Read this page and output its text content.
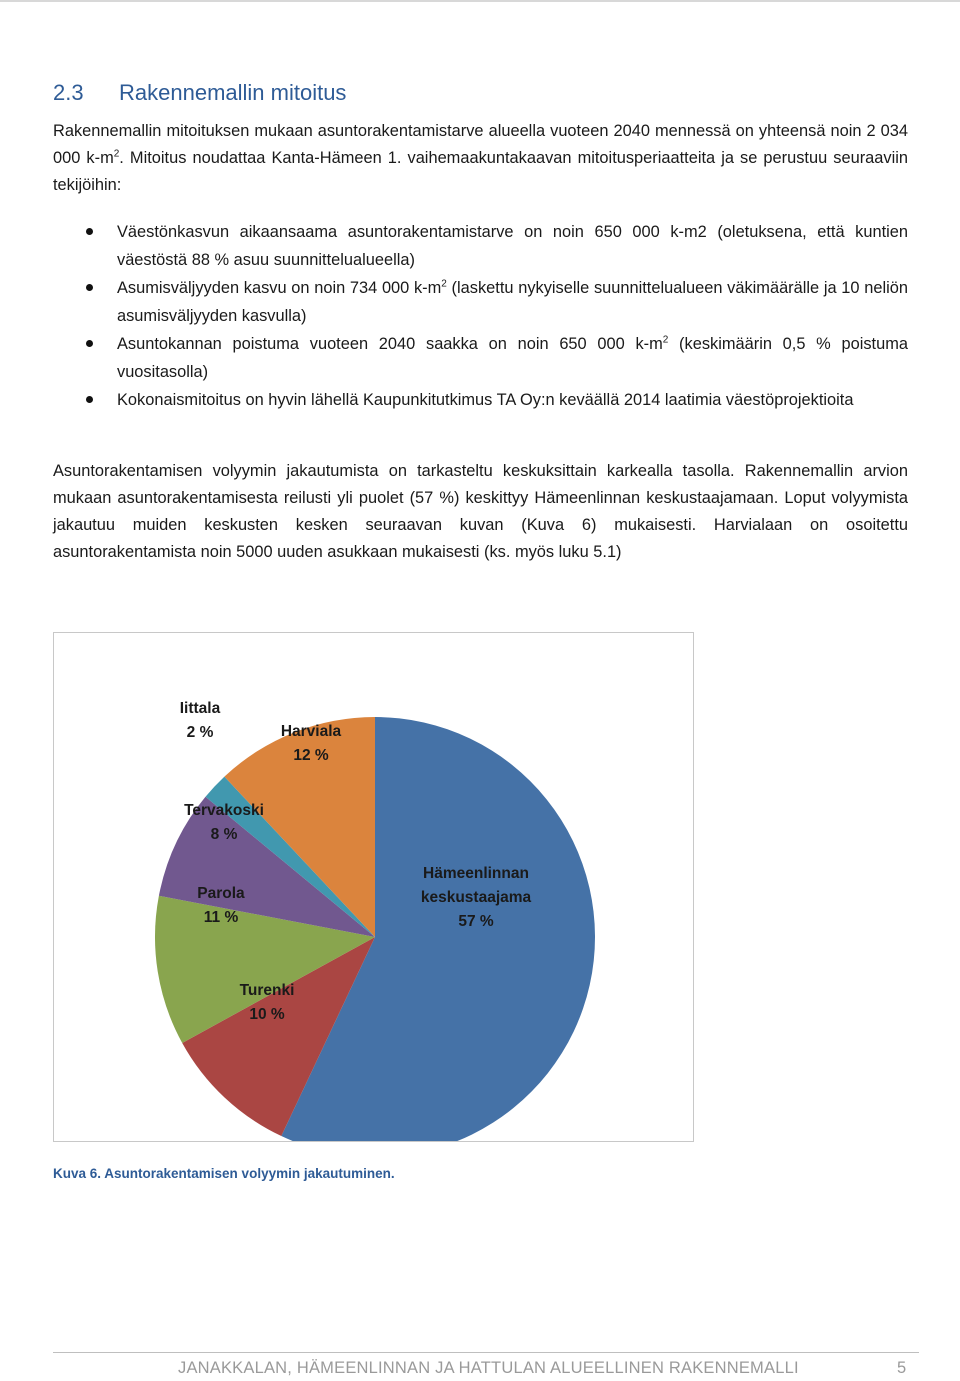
2.3 Rakennemallin mitoitus

Rakennemallin mitoituksen mukaan asuntorakentamistarve alueella vuoteen 2040 mennessä on yhteensä noin 2 034 000 $k-m^2$. Mitoitus noudattaa Kanta-Hämeen 1. vaihemaakuntakaavan mitoitusperiaatteita ja se perustuu seuraaviin tekijöihin:

Väestönkasvun aikaansaama asuntorakentamistarve on noin 650 000 k-m2 (oletuksena, että kuntien väestöstä 88 % asuu suunnittelualueella)
Asumisväljyyden kasvu on noin 734 000 $k-m^2$ (laskettu nykyiselle suunnittelualueen väkimäärälle ja 10 neliön asumisväljyyden kasvulla)
Asuntokannan poistuma vuoteen 2040 saakka on noin 650 000 $k-m^2$ (keskimäärin 0,5 % poistuma vuositasolla)
Kokonaismitoitus on hyvin lähellä Kaupunkitutkimus TA Oy:n keväällä 2014 laatimia väestöprojektioita

Asuntorakentamisen volyymin jakautumista on tarkasteltu keskuksittain karkealla tasolla. Rakennemallin arvion mukaan asuntorakentamisesta reilusti yli puolet (57 %) keskittyy Hämeenlinnan keskustaajamaan. Loput volyymista jakautuu muiden keskusten kesken seuraavan kuvan (Kuva 6) mukaisesti. Harvialaan on osoitettu asuntorakentamista noin 5000 uuden asukkaan mukaisesti (ks. myös luku 5.1)

Hämeenlinnan keskustaajama 57 %
Turenki 10 %
Parola 11 %
Tervakoski 8 %
Iittala 2 %	Harviala 12 %

Kuva 6. Asuntorakentamisen volyymin jakautuminen.

JANAKKALAN, HÄMEENLINNAN JA HATTULAN ALUEELLINEN RAKENNEMALLI	5
